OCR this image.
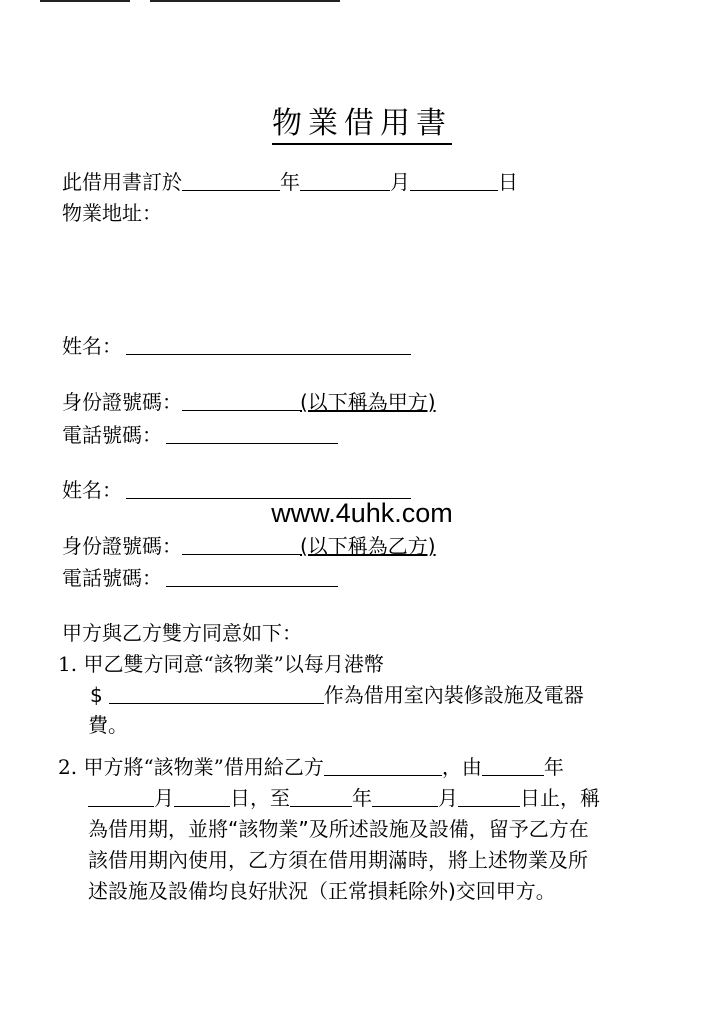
物業借用書
此借用書訂於	年	月	日
物業地址：
姓名：
身份證號碼：	(以下稱為甲方)
電話號碼：
姓名：
www.4uhk.com
身份證號碼：	(以下稱為乙方)
電話號碼：
甲方與乙方雙方同意如下：
1. 甲乙雙方同意“該物業”以每月港幣
$	作為借用室內裝修設施及電器
費。
2. 甲方將“該物業”借用給乙方	，由	年
月	日，至	年	月	日止，稱
為借用期，並將“該物業”及所述設施及設備，留予乙方在
該借用期內使用，乙方須在借用期滿時，將上述物業及所
述設施及設備均良好狀況（正常損耗除外)交回甲方。
